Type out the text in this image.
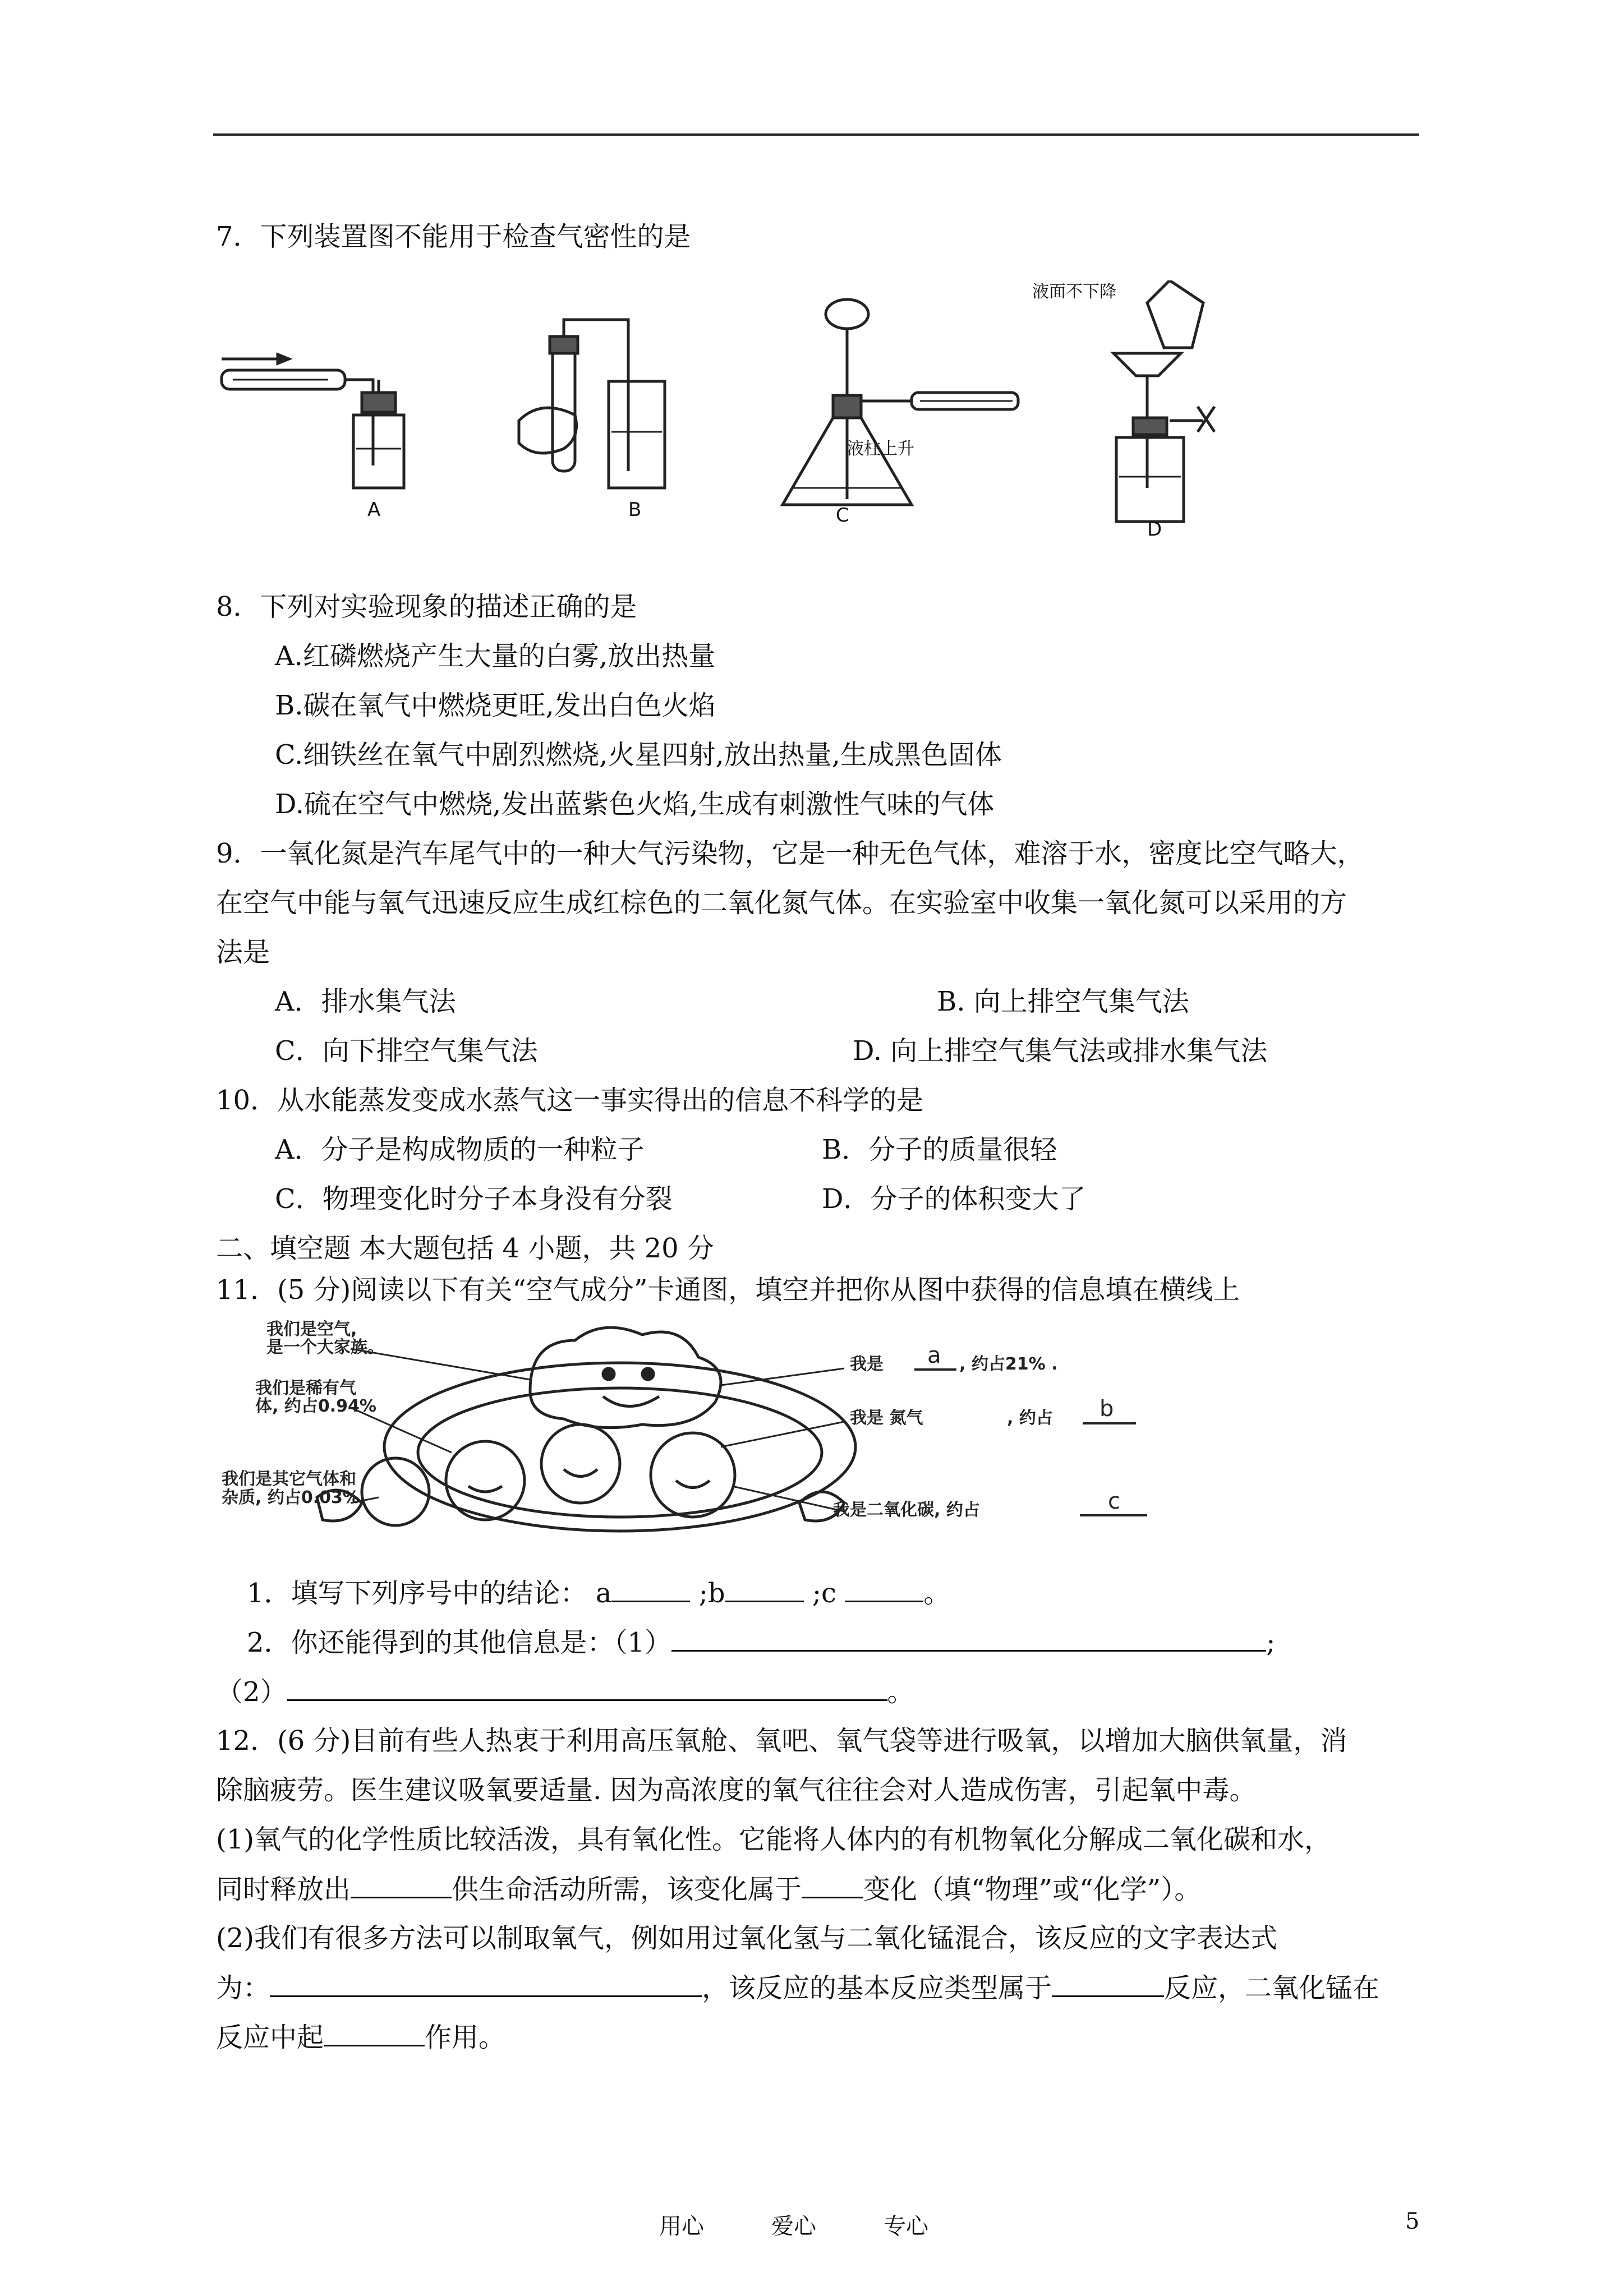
7．下列装置图不能用于检查气密性的是
液柱上升
液面不下降
A	B	C
D
8．下列对实验现象的描述正确的是
A.红磷燃烧产生大量的白雾,放出热量
B.碳在氧气中燃烧更旺,发出白色火焰
C.细铁丝在氧气中剧烈燃烧,火星四射,放出热量,生成黑色固体
D.硫在空气中燃烧,发出蓝紫色火焰,生成有刺激性气味的气体
9．一氧化氮是汽车尾气中的一种大气污染物，它是一种无色气体，难溶于水，密度比空气略大，
在空气中能与氧气迅速反应生成红棕色的二氧化氮气体。在实验室中收集一氧化氮可以采用的方
法是
A．排水集气法	B. 向上排空气集气法
C．向下排空气集气法	D. 向上排空气集气法或排水集气法
10．从水能蒸发变成水蒸气这一事实得出的信息不科学的是
A．分子是构成物质的一种粒子	B．分子的质量很轻
C．物理变化时分子本身没有分裂	D．分子的体积变大了
二、填空题 本大题包括 4 小题，共 20 分
11．(5 分)阅读以下有关“空气成分”卡通图，填空并把你从图中获得的信息填在横线上
我们是空气,
是一个大家族。
我们是稀有气
体, 约占0.94%
我们是其它气体和
杂质, 约占0.03%
我是 a , 约占21% .
我是 氮气	, 约占 b
我是二氧化碳, 约占	c
1．填写下列序号中的结论： a	;b	;c	。
2．你还能得到的其他信息是：（1）	;
（2）	。
12．(6 分)目前有些人热衷于利用高压氧舱、氧吧、氧气袋等进行吸氧，以增加大脑供氧量，消
除脑疲劳。医生建议吸氧要适量. 因为高浓度的氧气往往会对人造成伤害，引起氧中毒。
(1)氧气的化学性质比较活泼，具有氧化性。它能将人体内的有机物氧化分解成二氧化碳和水，
同时释放出	供生命活动所需，该变化属于 变化（填“物理”或“化学”）。
(2)我们有很多方法可以制取氧气，例如用过氧化氢与二氧化锰混合，该反应的文字表达式
为：	，该反应的基本反应类型属于	反应，二氧化锰在
反应中起	作用。
用心	爱心	专心	5
